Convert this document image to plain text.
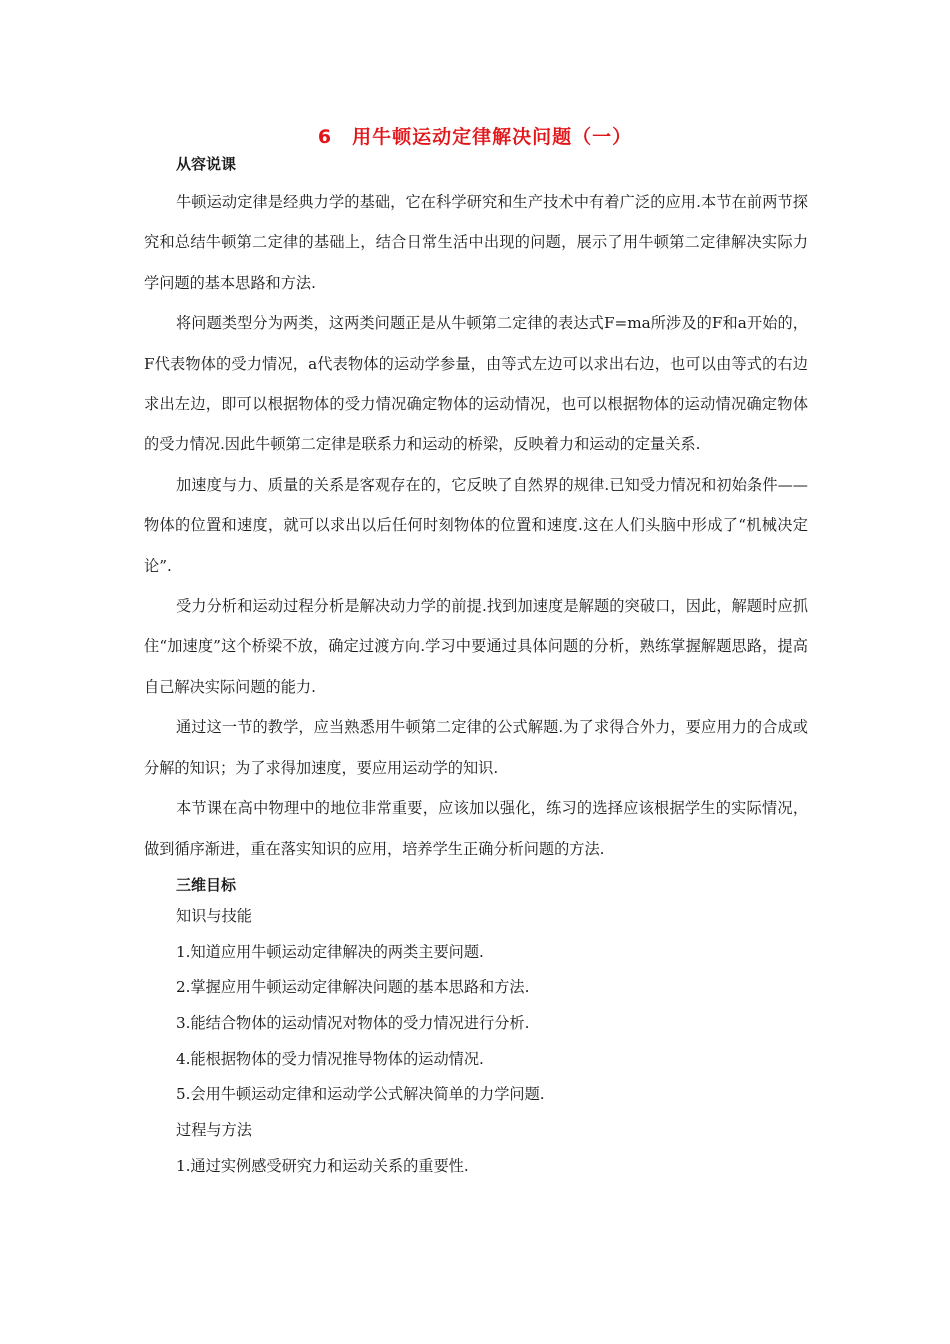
6　用牛顿运动定律解决问题（一）
从容说课

牛顿运动定律是经典力学的基础，它在科学研究和生产技术中有着广泛的应用.本节在前两节探究和总结牛顿第二定律的基础上，结合日常生活中出现的问题，展示了用牛顿第二定律解决实际力学问题的基本思路和方法.

将问题类型分为两类，这两类问题正是从牛顿第二定律的表达式F=ma所涉及的F和a开始的，F代表物体的受力情况，a代表物体的运动学参量，由等式左边可以求出右边，也可以由等式的右边求出左边，即可以根据物体的受力情况确定物体的运动情况，也可以根据物体的运动情况确定物体的受力情况.因此牛顿第二定律是联系力和运动的桥梁，反映着力和运动的定量关系.

加速度与力、质量的关系是客观存在的，它反映了自然界的规律.已知受力情况和初始条件——物体的位置和速度，就可以求出以后任何时刻物体的位置和速度.这在人们头脑中形成了“机械决定论”.

受力分析和运动过程分析是解决动力学的前提.找到加速度是解题的突破口，因此，解题时应抓住“加速度”这个桥梁不放，确定过渡方向.学习中要通过具体问题的分析，熟练掌握解题思路，提高自己解决实际问题的能力.

通过这一节的教学，应当熟悉用牛顿第二定律的公式解题.为了求得合外力，要应用力的合成或分解的知识；为了求得加速度，要应用运动学的知识.

本节课在高中物理中的地位非常重要，应该加以强化，练习的选择应该根据学生的实际情况，做到循序渐进，重在落实知识的应用，培养学生正确分析问题的方法.

三维目标

知识与技能

1.知道应用牛顿运动定律解决的两类主要问题.

2.掌握应用牛顿运动定律解决问题的基本思路和方法.

3.能结合物体的运动情况对物体的受力情况进行分析.

4.能根据物体的受力情况推导物体的运动情况.

5.会用牛顿运动定律和运动学公式解决简单的力学问题.

过程与方法

1.通过实例感受研究力和运动关系的重要性.
